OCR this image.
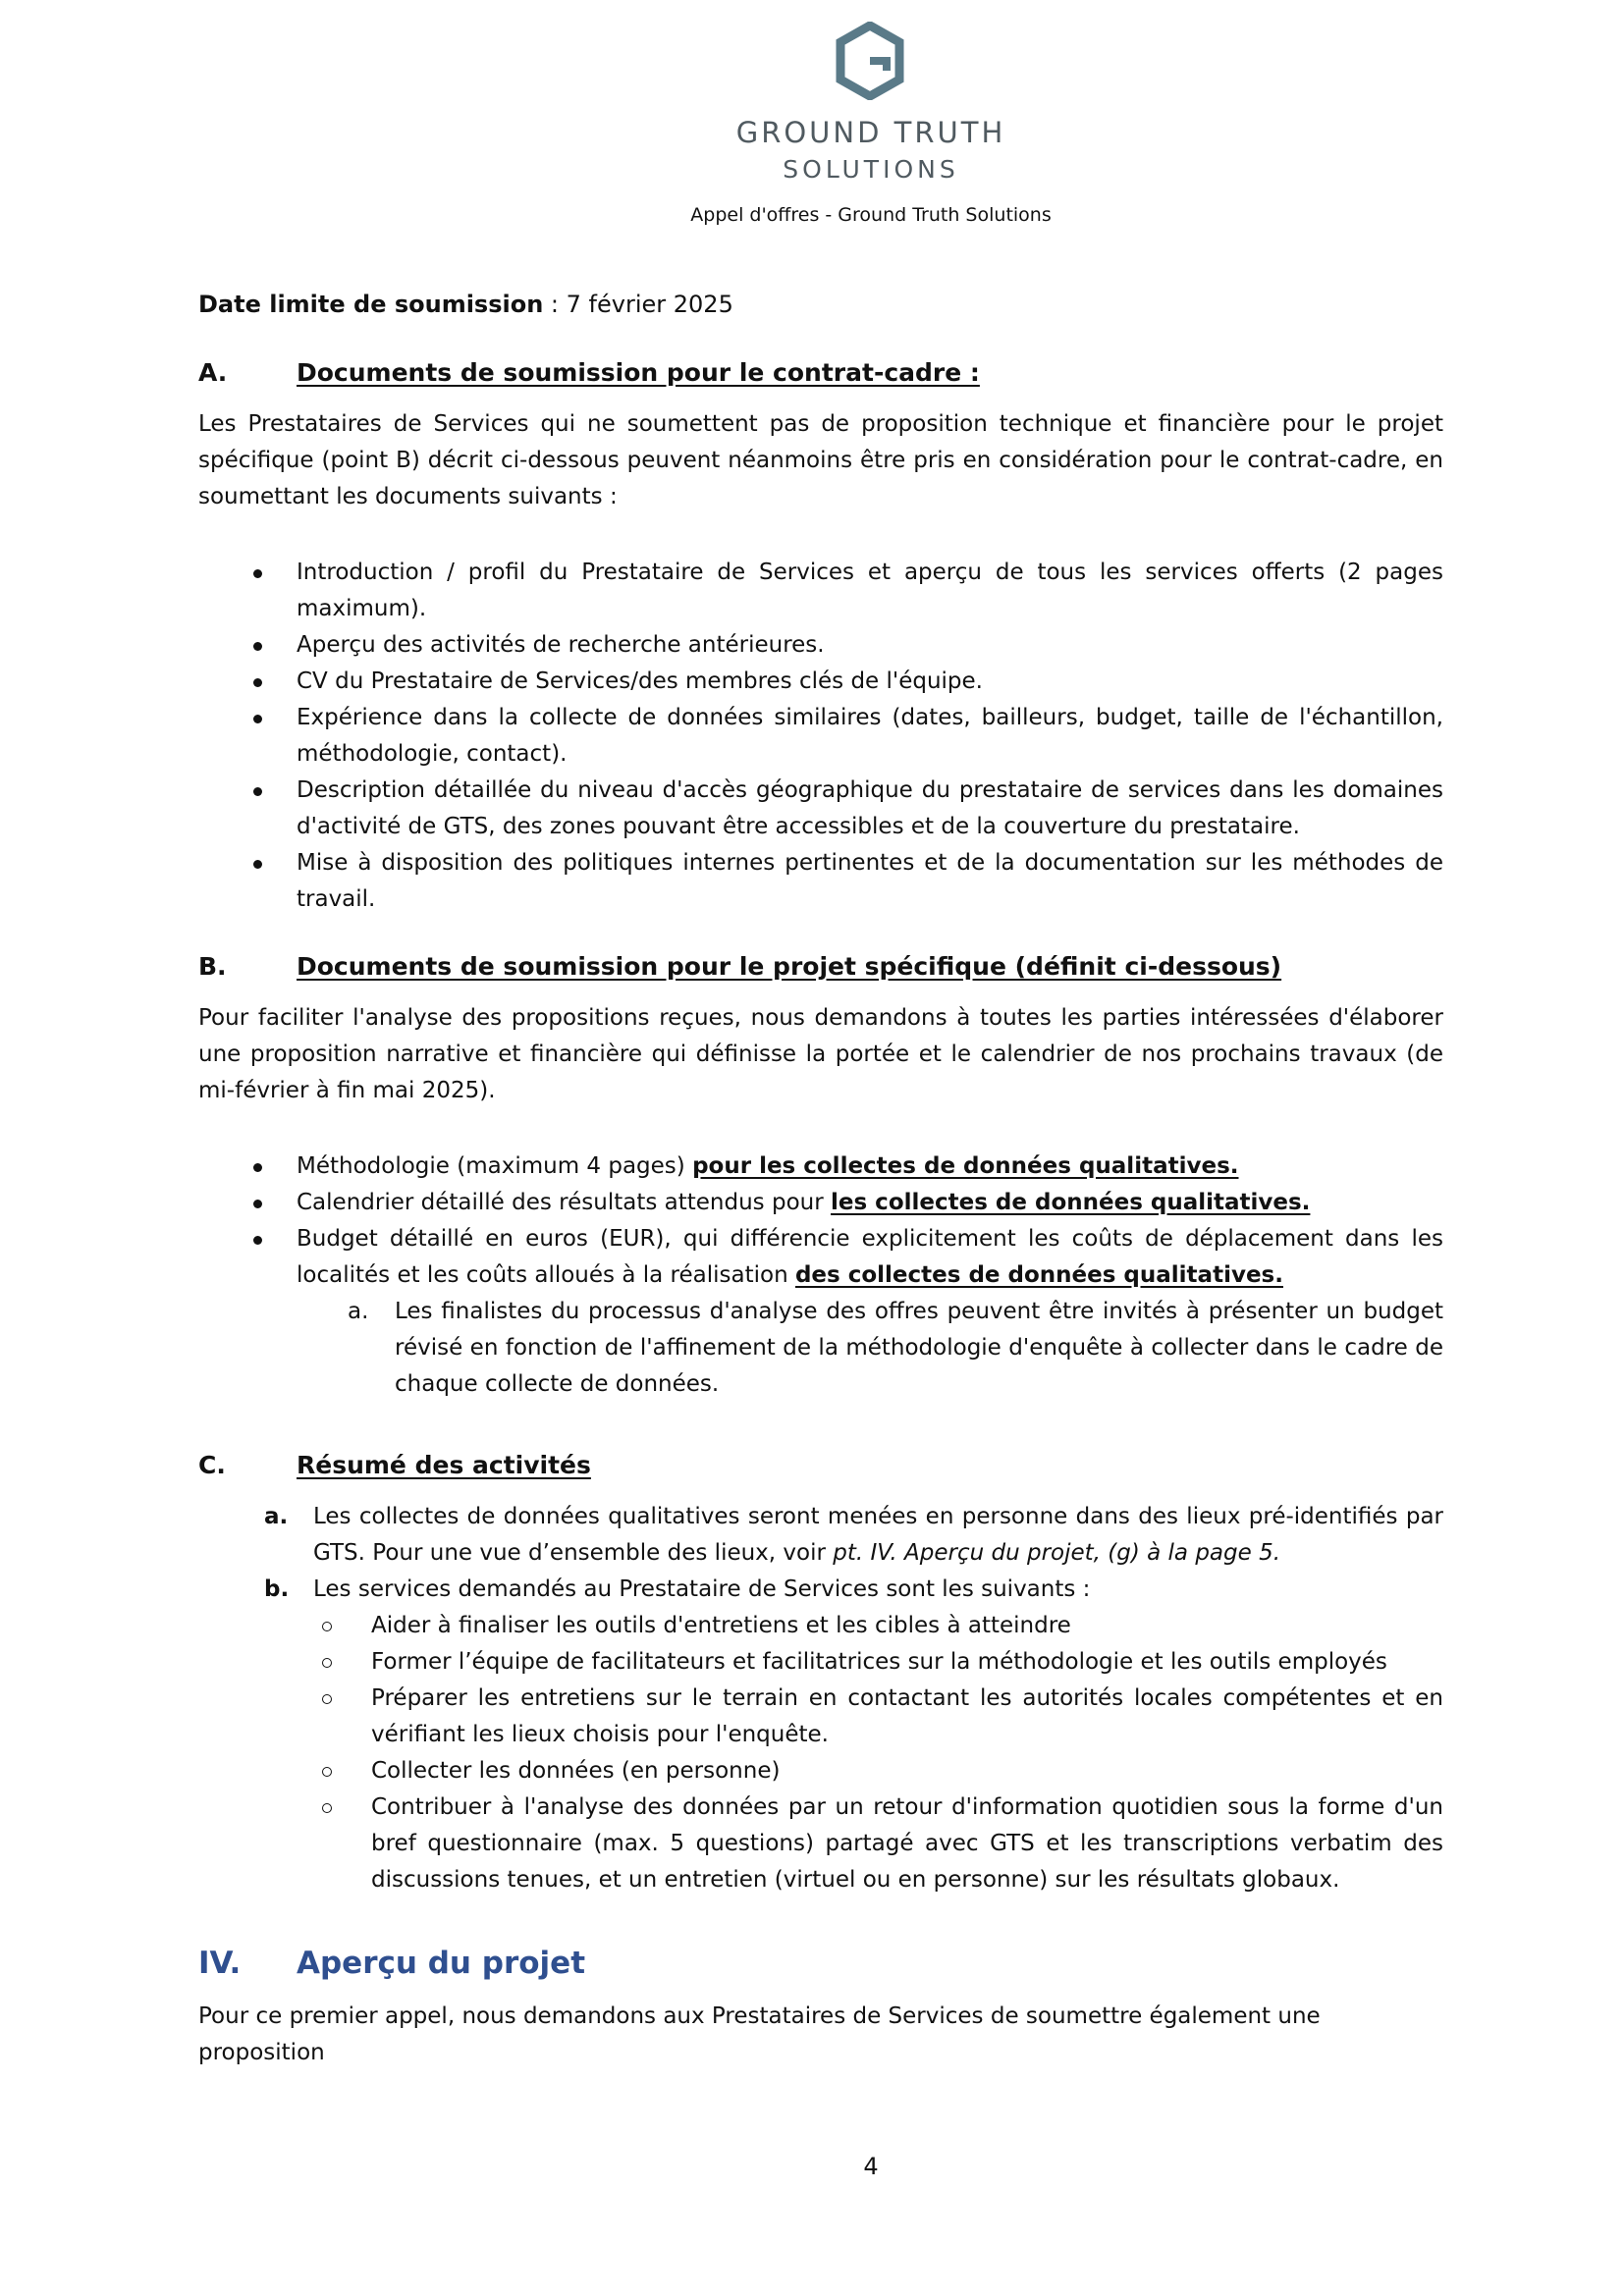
GROUND TRUTH
SOLUTIONS
Appel d'offres - Ground Truth Solutions

Date limite de soumission : 7 février 2025

A.	Documents de soumission pour le contrat-cadre :

Les Prestataires de Services qui ne soumettent pas de proposition technique et financière pour le projet spécifique (point B) décrit ci-dessous peuvent néanmoins être pris en considération pour le contrat-cadre, en soumettant les documents suivants :

Introduction / profil du Prestataire de Services et aperçu de tous les services offerts (2 pages maximum).
Aperçu des activités de recherche antérieures.
CV du Prestataire de Services/des membres clés de l'équipe.
Expérience dans la collecte de données similaires (dates, bailleurs, budget, taille de l'échantillon, méthodologie, contact).
Description détaillée du niveau d'accès géographique du prestataire de services dans les domaines d'activité de GTS, des zones pouvant être accessibles et de la couverture du prestataire.
Mise à disposition des politiques internes pertinentes et de la documentation sur les méthodes de travail.
B.	Documents de soumission pour le projet spécifique (définit ci-dessous)

Pour faciliter l'analyse des propositions reçues, nous demandons à toutes les parties intéressées d'élaborer une proposition narrative et financière qui définisse la portée et le calendrier de nos prochains travaux (de mi-février à fin mai 2025).

Méthodologie (maximum 4 pages) pour les collectes de données qualitatives.
Calendrier détaillé des résultats attendus pour les collectes de données qualitatives.
Budget détaillé en euros (EUR), qui différencie explicitement les coûts de déplacement dans les localités et les coûts alloués à la réalisation des collectes de données qualitatives.
a. Les finalistes du processus d'analyse des offres peuvent être invités à présenter un budget révisé en fonction de l'affinement de la méthodologie d'enquête à collecter dans le cadre de chaque collecte de données.
C.	Résumé des activités
a. Les collectes de données qualitatives seront menées en personne dans des lieux pré-identifiés par GTS. Pour une vue d’ensemble des lieux, voir pt. IV. Aperçu du projet, (g) à la page 5.
b. Les services demandés au Prestataire de Services sont les suivants :
Aider à finaliser les outils d'entretiens et les cibles à atteindre
Former l’équipe de facilitateurs et facilitatrices sur la méthodologie et les outils employés
Préparer les entretiens sur le terrain en contactant les autorités locales compétentes et en vérifiant les lieux choisis pour l'enquête.
Collecter les données (en personne)
Contribuer à l'analyse des données par un retour d'information quotidien sous la forme d'un bref questionnaire (max. 5 questions) partagé avec GTS et les transcriptions verbatim des discussions tenues, et un entretien (virtuel ou en personne) sur les résultats globaux.
IV.	Aperçu du projet

Pour ce premier appel, nous demandons aux Prestataires de Services de soumettre également une proposition

4
